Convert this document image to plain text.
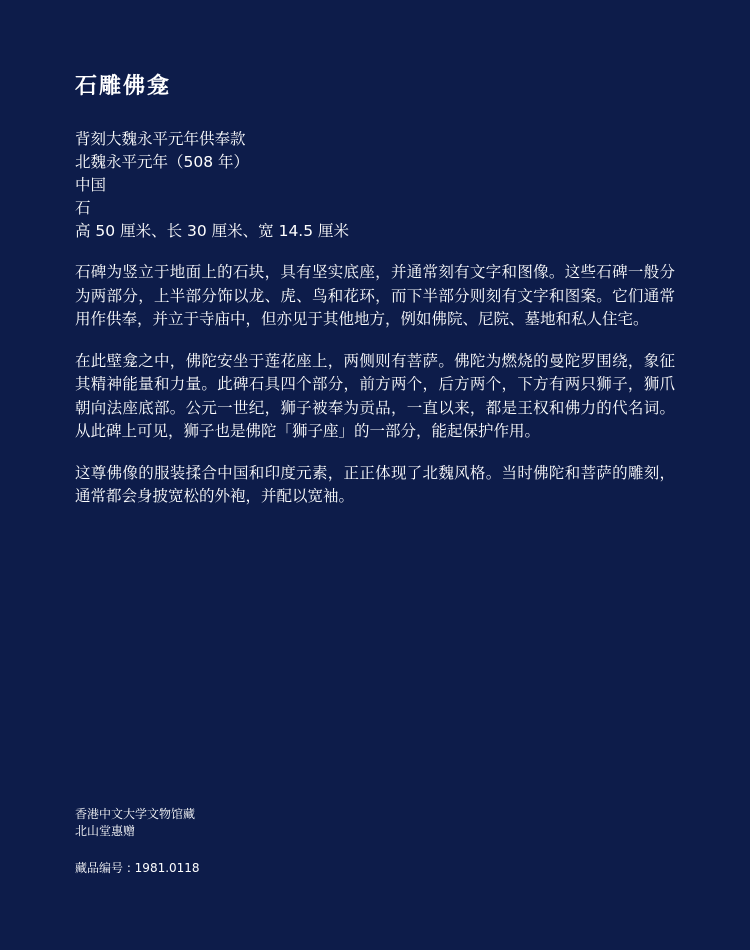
石雕佛龛
背刻大魏永平元年供奉款
北魏永平元年（508 年）
中国
石
高 50 厘米、长 30 厘米、宽 14.5 厘米

石碑为竖立于地面上的石块，具有坚实底座，并通常刻有文字和图像。这些石碑一般分为两部分，上半部分饰以龙、虎、鸟和花环，而下半部分则刻有文字和图案。它们通常用作供奉，并立于寺庙中，但亦见于其他地方，例如佛院、尼院、墓地和私人住宅。

在此壁龛之中，佛陀安坐于莲花座上，两侧则有菩萨。佛陀为燃烧的曼陀罗围绕，象征其精神能量和力量。此碑石具四个部分，前方两个，后方两个，下方有两只狮子，狮爪朝向法座底部。公元一世纪，狮子被奉为贡品，一直以来，都是王权和佛力的代名词。从此碑上可见，狮子也是佛陀「狮子座」的一部分，能起保护作用。

这尊佛像的服装揉合中国和印度元素，正正体现了北魏风格。当时佛陀和菩萨的雕刻，通常都会身披宽松的外袍，并配以宽袖。

香港中文大学文物馆藏
北山堂惠赠
藏品编号 : 1981.0118
